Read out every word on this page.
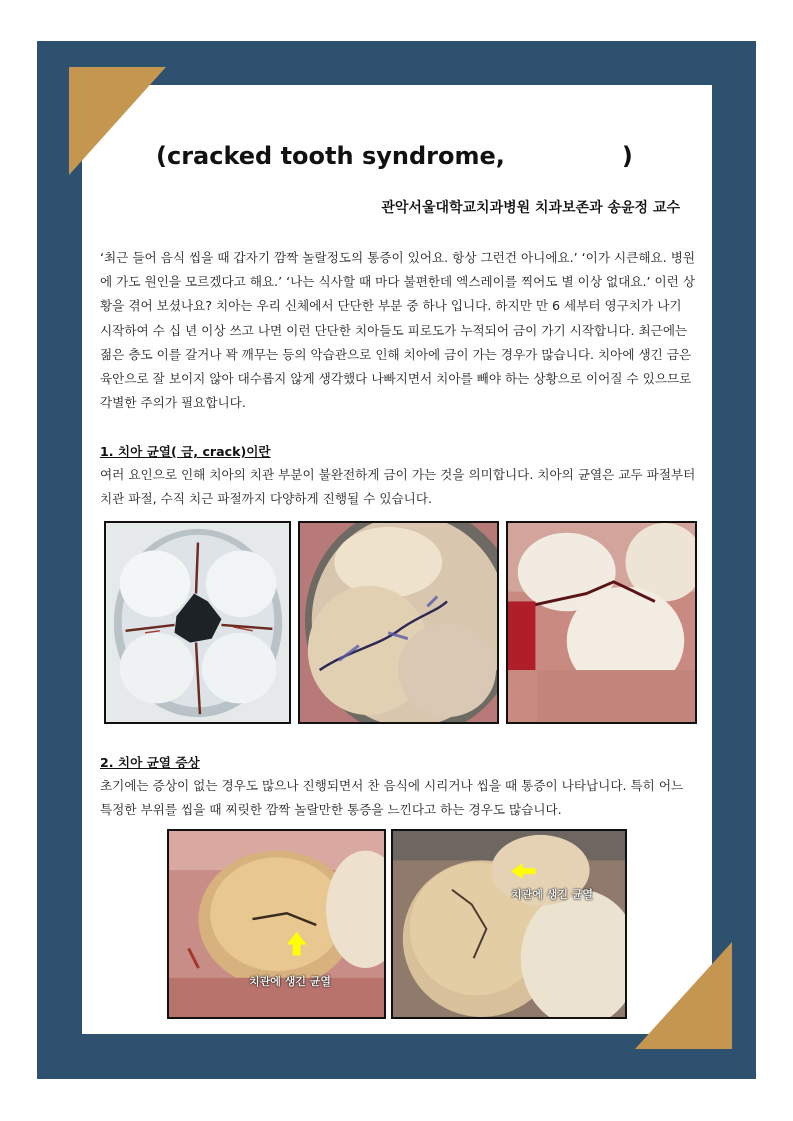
(cracked tooth syndrome,              )
관악서울대학교치과병원 치과보존과 송윤정 교수
‘최근 들어 음식 씹을 때 갑자기 깜짝 놀랄정도의 통증이 있어요. 항상 그런건 아니에요.’ ‘이가 시큰해요. 병원에 가도 원인을 모르겠다고 해요.’ ‘나는 식사할 때 마다 불편한데 엑스레이를 찍어도 별 이상 없대요.’ 이런 상황을 겪어 보셨나요? 치아는 우리 신체에서 단단한 부분 중 하나 입니다. 하지만 만 6 세부터 영구치가 나기 시작하여 수 십 년 이상 쓰고 나면 이런 단단한 치아들도 피로도가 누적되어 금이 가기 시작합니다. 최근에는 젊은 층도 이를 갈거나 꽉 깨무는 등의 악습관으로 인해 치아에 금이 가는 경우가 많습니다. 치아에 생긴 금은 육안으로 잘 보이지 않아 대수롭지 않게 생각했다 나빠지면서 치아를 빼야 하는 상황으로 이어질 수 있으므로 각별한 주의가 필요합니다.
1. 치아 균열( 금, crack)이란
여러 요인으로 인해 치아의 치관 부분이 불완전하게 금이 가는 것을 의미합니다. 치아의 균열은 교두 파절부터 치관 파절, 수직 치근 파절까지 다양하게 진행될 수 있습니다.
2. 치아 균열 증상
초기에는 증상이 없는 경우도 많으나 진행되면서 찬 음식에 시리거나 씹을 때 통증이 나타납니다. 특히 어느 특정한 부위를 씹을 때 찌릿한 깜짝 놀랄만한 통증을 느낀다고 하는 경우도 많습니다.
치관에 생긴 균열
치관에 생긴 균열
